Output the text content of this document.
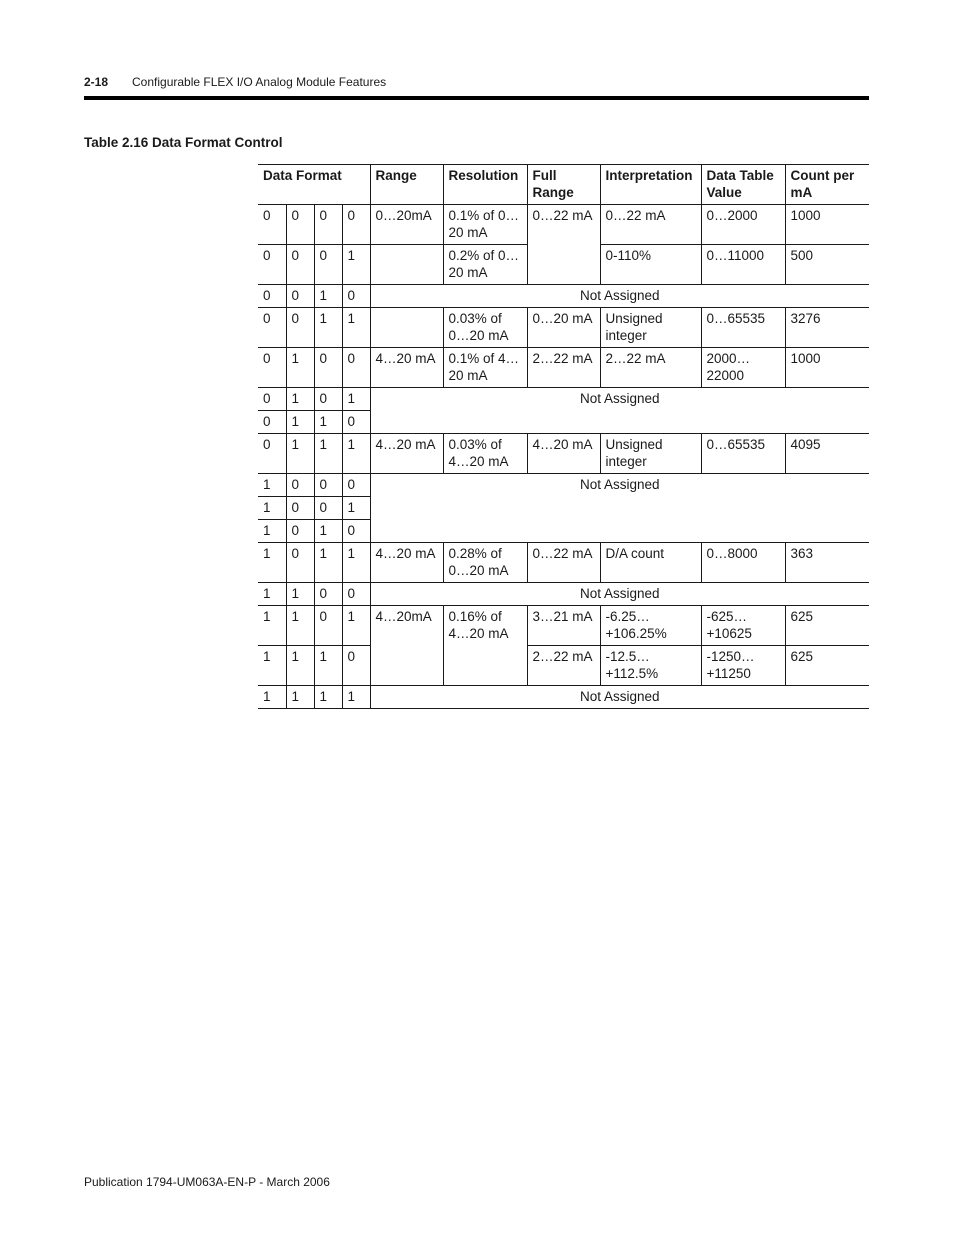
2-18 Configurable FLEX I/O Analog Module Features
Table 2.16 Data Format Control
Data Format				Range	Resolution	Full Range	Interpretation	Data Table Value	Count per mA
0	0	0	0	0…20mA	0.1% of 0…20 mA	0…22 mA	0…22 mA	0…2000	1000
0	0	0	1		0.2% of 0…20 mA		0-110%	0…11000	500
0	0	1	0	Not Assigned					
0	0	1	1		0.03% of 0…20 mA	0…20 mA	Unsigned integer	0…65535	3276
0	1	0	0	4…20 mA	0.1% of 4…20 mA	2…22 mA	2…22 mA	2000… 22000	1000
0	1	0	1	Not Assigned					
0	1	1	0						
0	1	1	1	4…20 mA	0.03% of 4…20 mA	4…20 mA	Unsigned integer	0…65535	4095
1	0	0	0	Not Assigned					
1	0	0	1						
1	0	1	0						
1	0	1	1	4…20 mA	0.28% of 0…20 mA	0…22 mA	D/A count	0…8000	363
1	1	0	0	Not Assigned					
1	1	0	1	4…20mA	0.16% of 4…20 mA	3…21 mA	-6.25… +106.25%	-625… +10625	625
1	1	1	0			2…22 mA	-12.5… +112.5%	-1250… +11250	625
1	1	1	1	Not Assigned					
Publication 1794-UM063A-EN-P - March 2006
